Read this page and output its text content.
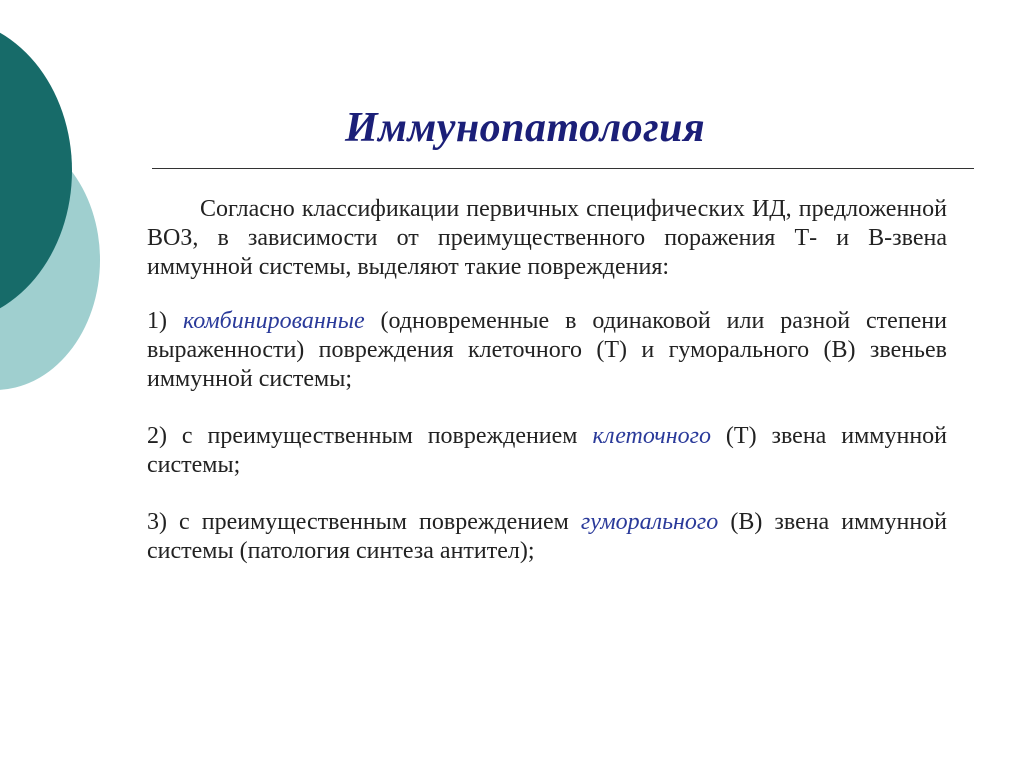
Иммунопатология

Согласно классификации первичных специфических ИД, предложенной ВОЗ, в зависимости от преимущественного поражения Т- и В-звена иммунной системы, выделяют такие повреждения:

1) комбинированные (одновременные в одинаковой или разной степени выраженности) повреждения клеточного (Т) и гуморального (В) звеньев иммунной системы;

2) с преимущественным повреждением клеточного (Т) звена иммунной системы;

3) с преимущественным повреждением гуморального (В) звена иммунной системы (патология синтеза антител);
